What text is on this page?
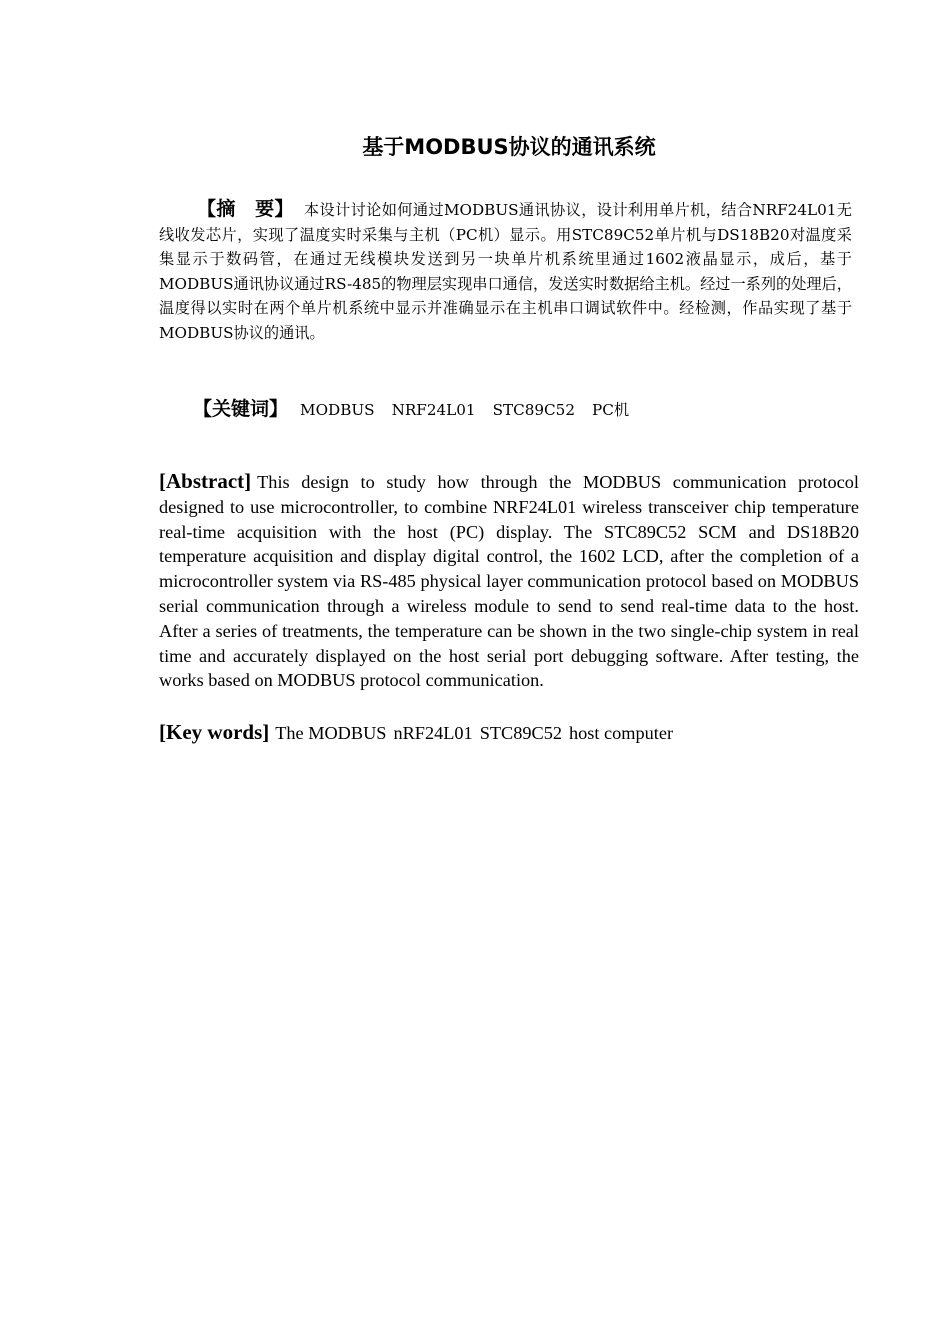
基于MODBUS协议的通讯系统
【摘　要】 本设计讨论如何通过MODBUS通讯协议，设计利用单片机，结合NRF24L01无线收发芯片，实现了温度实时采集与主机（PC机）显示。用STC89C52单片机与DS18B20对温度采集显示于数码管，在通过无线模块发送到另一块单片机系统里通过1602液晶显示，成后，基于MODBUS通讯协议通过RS-485的物理层实现串口通信，发送实时数据给主机。经过一系列的处理后，温度得以实时在两个单片机系统中显示并准确显示在主机串口调试软件中。经检测，作品实现了基于MODBUS协议的通讯。
【关键词】 MODBUS NRF24L01 STC89C52 PC机
[Abstract] This design to study how through the MODBUS communication protocol designed to use microcontroller, to combine NRF24L01 wireless transceiver chip temperature real-time acquisition with the host (PC) display. The STC89C52 SCM and DS18B20 temperature acquisition and display digital control, the 1602 LCD, after the completion of a microcontroller system via RS-485 physical layer communication protocol based on MODBUS serial communication through a wireless module to send to send real-time data to the host. After a series of treatments, the temperature can be shown in the two single-chip system in real time and accurately displayed on the host serial port debugging software. After testing, the works based on MODBUS protocol communication.
[Key words] The MODBUS nRF24L01 STC89C52 host computer
